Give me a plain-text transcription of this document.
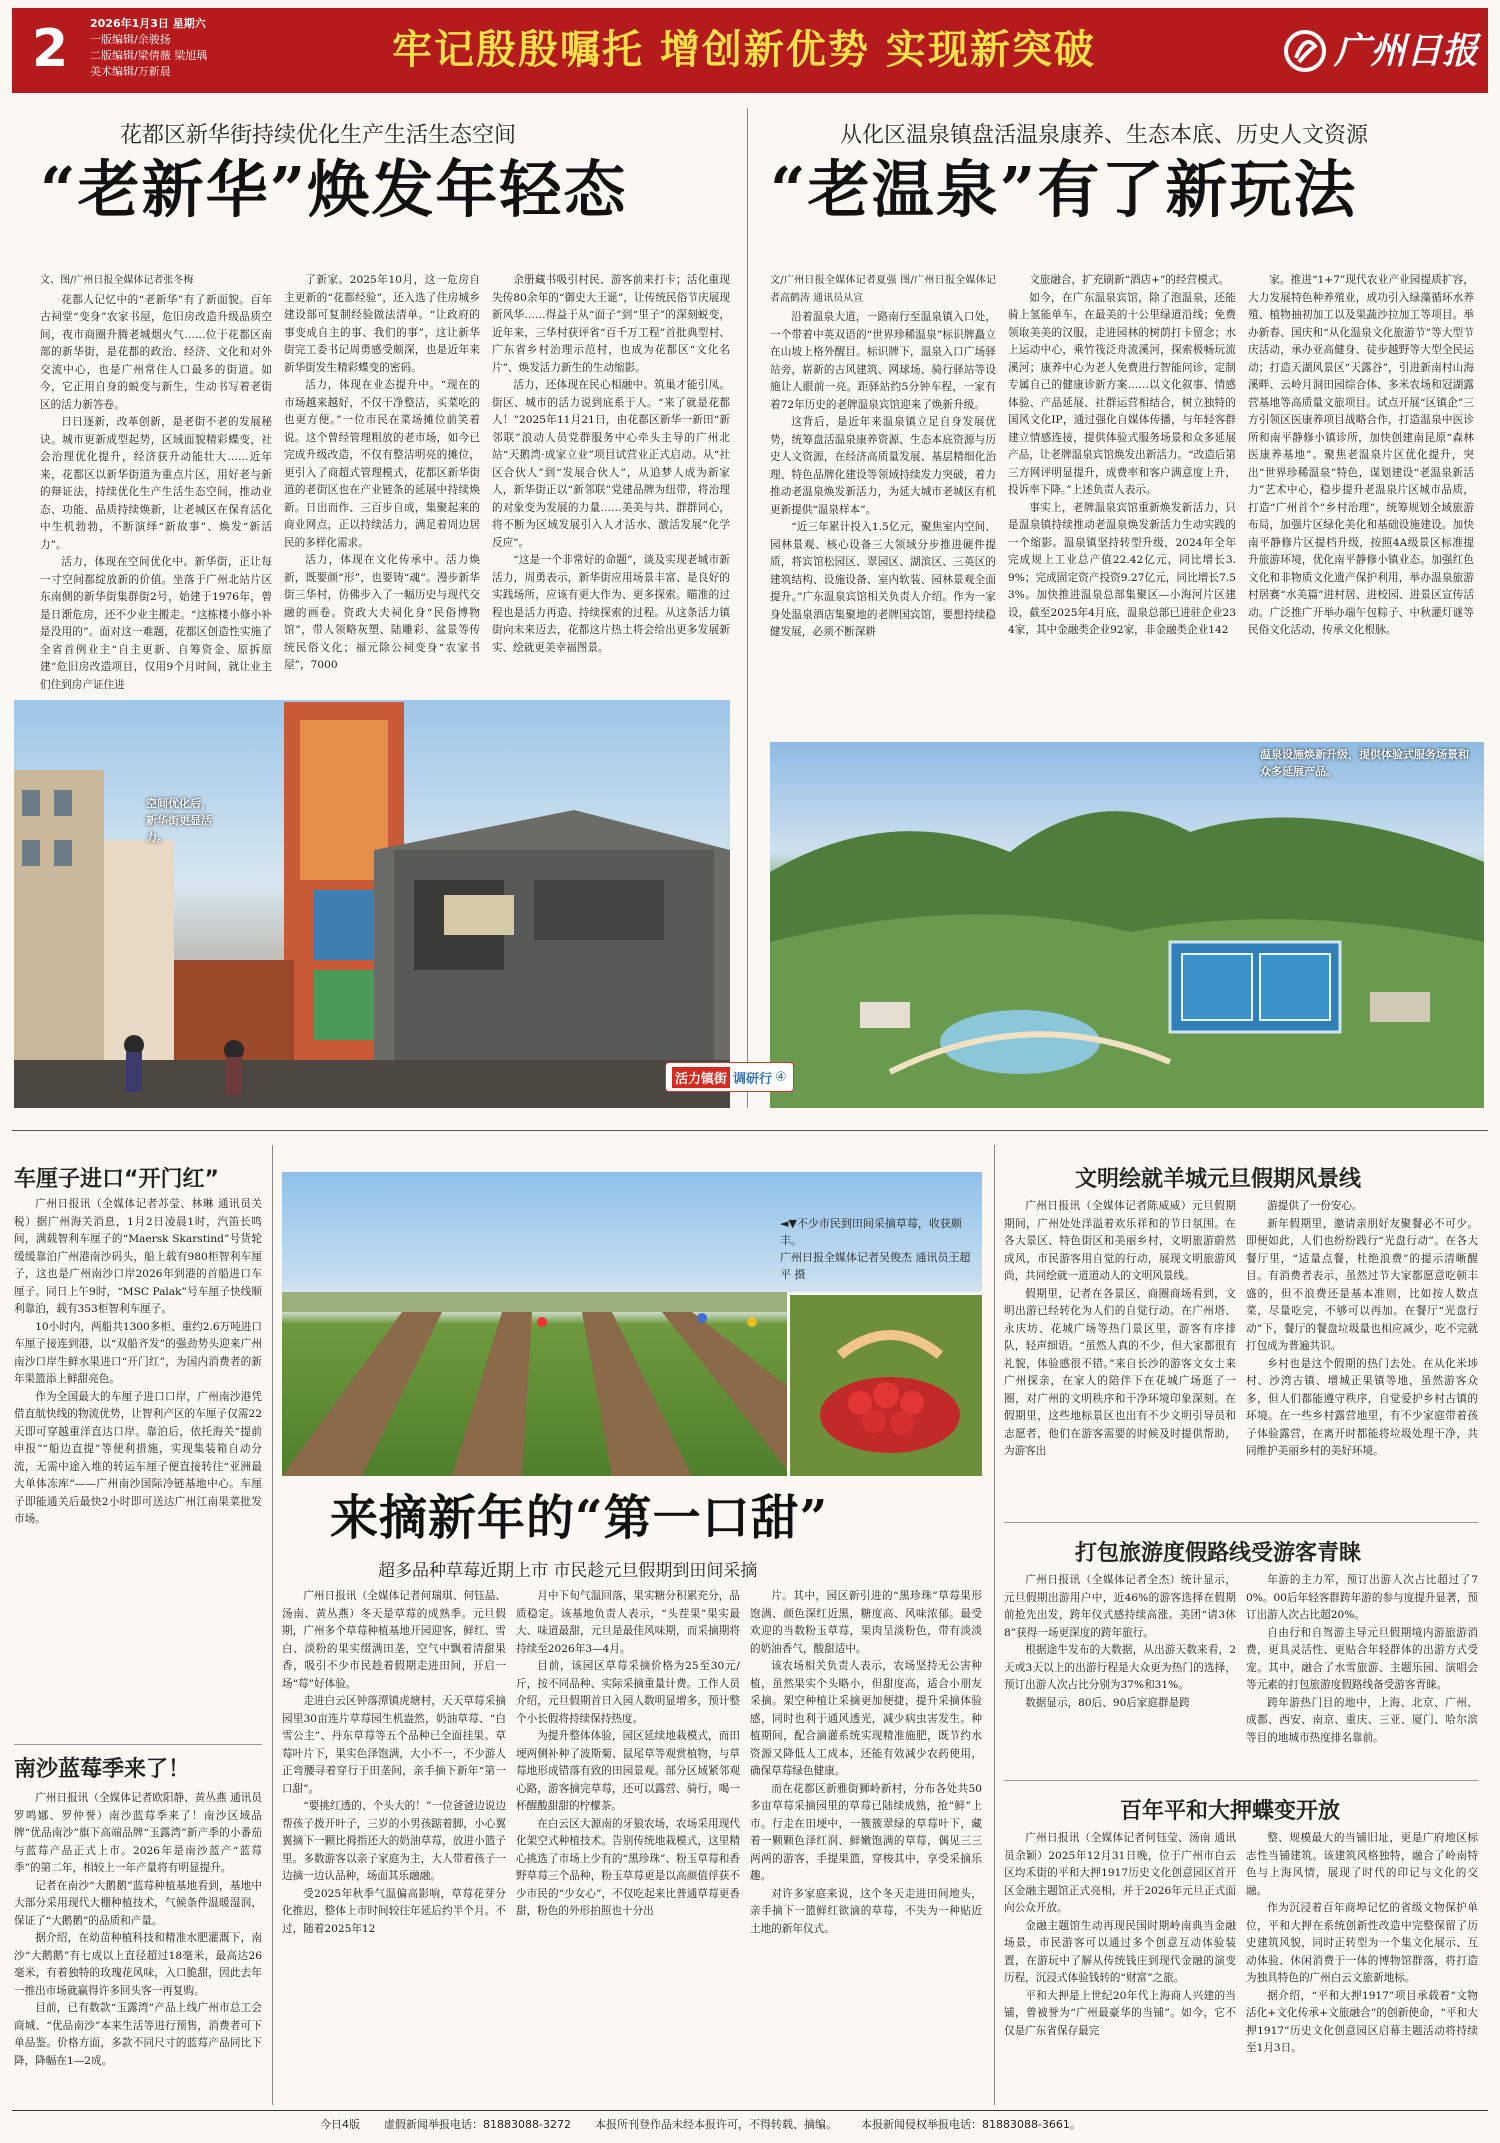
2 2026年1月3日 星期六
一版编辑/余骏扬
二版编辑/梁倩薇 梁旭瑀
美术编辑/万新晨	牢记殷殷嘱托 增创新优势 实现新突破	广州日报
花都区新华街持续优化生产生活生态空间
“老新华”焕发年轻态
文、图/广州日报全媒体记者张冬梅

花都人记忆中的“老新华”有了新面貌。百年古祠堂“变身”农家书屋，危旧房改造升级品质空间，夜市商圈升腾老城烟火气……位于花都区南部的新华街，是花都的政治、经济、文化和对外交流中心，也是广州常住人口最多的街道。如今，它正用自身的蜕变与新生，生动书写着老街区的活力新答卷。

日日逐新，改革创新，是老街不老的发展秘诀。城市更新成型起势，区域面貌精彩蝶变，社会治理优化提升，经济获升动能壮大……近年来，花都区以新华街道为重点片区，用好老与新的辩证法，持续优化生产生活生态空间，推动业态、功能、品质持续焕新，让老城区在保育活化中生机勃勃，不断演绎“新故事”、焕发“新活力”。

活力，体现在空间优化中。新华街，正让每一寸空间都绽放新的价值。坐落于广州北站片区东南侧的新华街集群街2号，始建于1976年，曾是日渐危房，还不少业主搬走。“这栋楼小修小补是没用的”。面对这一难题，花都区创造性实施了全省首例业主“自主更新、自筹资金、原拆原建”危旧房改造项目，仅用9个月时间，就让业主们住到房产证住进

了新家。2025年10月，这一危房自主更新的“花都经验”，还入选了住房城乡建设部可复制经验做法清单。“让政府的事变成自主的事、我们的事”，这让新华街完工委书记周勇感受颇深，也是近年来新华街发生精彩蝶变的密码。

活力，体现在业态提升中。“现在的市场越来越好，不仅干净整洁，买菜吃的也更方便。”一位市民在菜场摊位前笑着说。这个曾经管理粗放的老市场，如今已完成升级改造，不仅有整洁明亮的摊位，更引入了商超式管理模式，花都区新华街道的老街区也在产业链条的延展中持续焕新。日出而作、三百步自成，集聚起来的商业网点，正以持续活力，满足着周边居民的多样化需求。

活力，体现在文化传承中。活力焕新，既要颜“形”，也要铸“魂”。漫步新华街三华村，仿佛步入了一幅历史与现代交融的画卷。资政大夫祠化身“民俗博物馆”，带人领略灰塑、陆雕彩、盆景等传统民俗文化；福元除公祠变身“农家书屋”，7000

余册藏书吸引村民、游客前来打卡；活化重现失传80余年的“御史大王诞”，让传统民俗节庆展现新风华……得益于从“面子”到“里子”的深刻蜕变，近年来，三华村获评省“百千万工程”首批典型村、广东省乡村治理示范村，也成为花都区“文化名片”、焕发活力新生的生动缩影。

活力，还体现在民心相融中。筑巢才能引凤。街区、城市的活力说到底系于人。“来了就是花都人！”2025年11月21日，由花都区新华一新田“新邻联”浪动人员党群服务中心牵头主导的广州北站“天鹅湾·成家立业”项目试营业正式启动。从“社区合伙人”到“发展合伙人”，从追梦人成为新家人，新华街正以“新邻联”党建品牌为纽带，将治理的对象变为发展的力量……美美与共、群群同心，将不断为区域发展引入人才活水、激活发展“化学反应”。

“这是一个非常好的命题”，谈及实现老城市新活力，周勇表示，新华街应用场景丰富、是良好的实践场所，应该有更大作为、更多探索。瞄准的过程也是活力再造、持续探索的过程。从这条活力镇街向未来迈去，花都这片热土将会给出更多发展新实、绘就更美幸福图景。

空间优化后，新华街更显活力。
从化区温泉镇盘活温泉康养、生态本底、历史人文资源
“老温泉”有了新玩法
文/广州日报全媒体记者夏强 图/广州日报全媒体记者高鹤涛 通讯员从宣

沿着温泉大道，一路南行至温泉镇入口处，一个带着中英双语的“世界珍稀温泉”标识牌矗立在山坡上格外醒目。标识牌下，温泉入口广场驿站旁，崭新的古风建筑、网球场、骑行驿站等设施让人眼前一亮。距驿站约5分钟车程，一家有着72年历史的老牌温泉宾馆迎来了焕新升级。

这背后，是近年来温泉镇立足自身发展优势，统筹盘活温泉康养资源、生态本底资源与历史人文资源，在经济高质量发展、基层精细化治理、特色品牌化建设等领域持续发力突破，着力推动老温泉焕发新活力，为延大城市老城区有机更新提供“温泉样本”。

“近三年累计投入1.5亿元，聚焦室内空间、园林景观、核心设备三大领域分步推进硬件提质，将宾馆松园区、翠园区、湖滨区、三英区的建筑结构、设施设备、室内软装、园林景观全面提升。”广东温泉宾馆相关负责人介绍。作为一家身处温泉酒店集聚地的老牌国宾馆，要想持续稳健发展，必须不断深耕

文旅融合，扩充刷新“酒店+”的经营模式。

如今，在广东温泉宾馆，除了泡温泉，还能骑上氢能单车，在最美的十公里绿道沿线；免费领取美美的汉服，走进园林的树荫打卡留念；水上运动中心，乘竹筏泛舟流溪河，探索极畅玩流溪河；康养中心为老人免费进行智能问诊，定制专属自己的健康诊新方案……以文化叙事、情感体验、产品延展、社群运营相结合，树立独特的国风文化IP，通过强化自媒体传播，与年轻客群建立情感连接，提供体验式服务场景和众多延展产品，让老牌温泉宾馆焕发出新活力。“改造后第三方网评明显提升，成费率和客户满意度上升，投诉率下降。”上述负责人表示。

事实上，老牌温泉宾馆重新焕发新活力，只是温泉镇持续推动老温泉焕发新活力生动实践的一个缩影。温泉镇坚持转型升级，2024年全年完成规上工业总产值22.42亿元，同比增长3.9%；完成固定资产投资9.27亿元，同比增长7.53%。加快推进温泉总部集聚区—小海河片区建设，截至2025年4月底，温泉总部已进驻企业234家，其中金融类企业92家，非金融类企业142

家。推进“1+7”现代农业产业园提质扩容，大力发展特色种养殖业，成功引入绿藻循环水养殖、植物抽初加工以及果蔬沙拉加工等项目。举办新春、国庆和“从化温泉文化旅游节”等大型节庆活动，承办亚高健身、徒步越野等大型全民运动；打造天湖风景区“天露谷”，引进新南村山海溪畔、云岭月洞田园综合体、多米农场和冠湖露营基地等高质量文旅项目。试点开展“区镇企”三方引领区医康养项目战略合作，打造温泉中医诊所和南平静修小镇诊所，加快创建南昆原“森林医康养基地”。聚焦老温泉片区优化提升，突出“世界珍稀温泉”特色，谋划建设“老温泉新活力”艺术中心，稳步提升老温泉片区城市品质，打造“广州首个”乡村治理”，统筹规划全域旅游布局，加强片区绿化美化和基础设施建设。加快南平静修片区提档升级，按照4A级景区标准提升旅游环境，优化南平静修小镇业态。加强红色文化和非物质文化遗产保护利用，举办温泉旅游村居赛“水美篇”进村居、进校园、进景区宣传活动。广泛推广开举办端午包粽子、中秋灌灯谜等民俗文化活动，传承文化根脉。

温泉设施焕新升级，提供体验式服务场景和众多延展产品。
活力镇街 调研行 ④
车厘子进口“开门红”

广州日报讯（全媒体记者苏莹、林琳 通讯员关税）据广州海关消息，1月2日凌晨1时，汽笛长鸣间，满载智利车厘子的“Maersk Skarstind”号货轮缓缓靠泊广州港南沙码头，船上载有980柜智利车厘子，这也是广州南沙口岸2026年到港的首船进口车厘子。同日上午9时，“MSC Palak”号车厘子快线顺利靠泊，载有353柜智利车厘子。

10小时内，两船共1300多柜、重约2.6万吨进口车厘子接连到港，以“双船齐发”的强劲势头迎来广州南沙口岸生鲜水果进口“开门红”，为国内消费者的新年果篮添上鲜甜亮色。

作为全国最大的车厘子进口口岸，广州南沙港凭借直航快线的物流优势，让智利产区的车厘子仅需22天即可穿越重洋直达口岸。靠泊后，依托海关“提前申报”“船边直提”等便利措施，实现集装箱自动分流，无需中途入堆的转运车厘子便直接转往“亚洲最大单体冻库”——广州南沙国际冷链基地中心。车厘子即能通关后最快2小时即可送达广州江南果菜批发市场。

南沙蓝莓季来了！

广州日报讯（全媒体记者欧阳静、黄丛燕 通讯员罗鸣娜、罗仲誉）南沙蓝莓季来了！南沙区域品牌“优品南沙”旗下高端品牌“玉露湾”新产季的小番茄与蓝莓产品正式上市。2026年是南沙蓝产“蓝莓季”的第二年，相较上一年产量将有明显提升。

记者在南沙“大鹅鹅”蓝莓种植基地看到，基地中大部分采用现代大棚种植技术，气候条件温暖湿润，保证了“大鹅鹅”的品质和产量。

据介绍，在幼苗种植科技和精准水肥灌溉下，南沙“大鹅鹅”有七成以上直径超过18毫米，最高达26毫米，有着独特的玫瑰花风味，入口脆甜，因此去年一推出市场就赢得许多回头客一再复购。

目前，已有数款“玉露湾”产品上线广州市总工会商城、“优品南沙”本来生活等进行预售，消费者可下单品鉴。价格方面，多款不同尺寸的蓝莓产品同比下降，降幅在1—2成。

◄▼不少市民到田间采摘草莓，收获颇丰。
广州日报全媒体记者吴俊杰 通讯员王超平 摄
来摘新年的“第一口甜”
超多品种草莓近期上市 市民趁元旦假期到田间采摘

广州日报讯（全媒体记者何瑞琪、何钰晶、汤南、黄丛燕）冬天是草莓的成熟季。元旦假期，广州多个草莓种植基地开园迎客，鲜红、雪白、淡粉的果实缀满田垄，空气中飘着清甜果香，吸引不少市民趁着假期走进田间，开启一场“莓”好体验。

走进白云区钟落潭镇虎塘村，天天草莓采摘园里30亩连片草莓园生机盎然，奶油草莓、“白雪公主”、丹东草莓等五个品种已全面挂果。草莓叶片下，果实色泽饱满，大小不一，不少游人正弯腰寻着穿行于田垄间，亲手摘下新年“第一口甜”。

“要挑红透的、个头大的！”一位爸爸边说边帮孩子拨开叶子，三岁的小男孩踮着脚，小心翼翼摘下一颗比拇指还大的奶油草莓，放进小篮子里。多数游客以亲子家庭为主，大人带着孩子一边摘一边认品种，场面其乐融融。

受2025年秋季气温偏高影响，草莓花芽分化推迟，整体上市时间较往年延后约半个月。不过，随着2025年12

月中下旬气温回落，果实糖分积累充分，品质稳定。该基地负责人表示，“头茬果”果实最大、味道最甜，元旦是最佳风味期，而采摘期将持续至2026年3—4月。

目前，该园区草莓采摘价格为25至30元/斤，按不同品种、实际采摘重量计费。工作人员介绍，元旦假期首日入园人数明显增多，预计整个小长假将持续保持热度。

为提升整体体验，园区延续地栽模式，而田埂两侧补种了波斯菊、鼠尾草等观赏植物，与草莓地形成错落有致的田园景观。部分区域紧邻观心路，游客摘完草莓，还可以露营、骑行，喝一杯醒酸甜甜的柠檬茶。

在白云区大源南的牙狼农场，农场采用现代化架空式种植技术。告别传统地栽模式，这里精心挑选了市场上少有的“黑珍珠”、粉玉草莓和香野草莓三个品种，粉玉草莓更是以高颜值俘获不少市民的“少女心”，不仅吃起来比普通草莓更香甜，粉色的外形拍照也十分出

片。其中，园区新引进的“黑珍珠”草莓果形饱满、颜色深红近黑，糖度高、风味浓郁。最受欢迎的当数粉玉草莓，果肉呈淡粉色，带有淡淡的奶油香气，酸甜适中。

该农场相关负责人表示，农场坚持无公害种植，虽然果实个头略小，但甜度高，适合小朋友采摘。架空种植让采摘更加便捷，提升采摘体验感，同时也利于通风透光，减少病虫害发生。种植期间，配合滴灌系统实现精准施肥，既节约水资源又降低人工成本，还能有效减少农药使用，确保草莓绿色健康。

而在花都区新雅街狮岭新村，分布各处共50多亩草莓采摘园里的草莓已陆续成熟，抢“鲜”上市。行走在田埂中，一簇簇翠绿的草莓叶下，藏着一颗颗色泽红润、鲜嫩饱满的草莓，偶见三三两两的游客，手提果篮，穿梭其中，享受采摘乐趣。

对许多家庭来说，这个冬天走进田间地头，亲手摘下一篮鲜红欲滴的草莓，不失为一种贴近土地的新年仪式。

文明绘就羊城元旦假期风景线

广州日报讯（全媒体记者陈威威）元旦假期期间，广州处处洋溢着欢乐祥和的节日氛围。在各大景区、特色街区和美丽乡村，文明旅游蔚然成风，市民游客用自觉的行动，展现文明旅游风尚，共同绘就一道道动人的文明风景线。

假期里，记者在各景区、商圈商场看到，文明出游已经转化为人们的自觉行动。在广州塔、永庆坊、花城广场等热门景区里，游客有序排队，轻声细语。“虽然人真的不少，但大家都很有礼貌，体验感很不错。”来自长沙的游客文女士来广州探亲，在家人的陪伴下在花城广场逛了一圈，对广州的文明秩序和干净环境印象深刻。在假期里，这些地标景区也出有不少文明引导员和志愿者，他们在游客需要的时候及时提供帮助，为游客出

游提供了一份安心。

新年假期里，邀请亲朋好友聚餐必不可少。即便如此，人们也纷纷践行“光盘行动”。在各大餐厅里，“适量点餐，杜绝浪费”的提示清晰醒目。有消费者表示，虽然过节大家都愿意吃顿丰盛的，但不浪费还是基本准则，比如按人数点菜，尽量吃完，不够可以再加。在餐厅“光盘行动”下，餐厅的餐盘垃圾量也相应减少，吃不完就打包成为普遍共识。

乡村也是这个假期的热门去处。在从化米埗村、沙湾古镇、增城正果镇等地，虽然游客众多，但人们都能遵守秩序，自觉爱护乡村古镇的环境。在一些乡村露营地里，有不少家庭带着孩子体验露营，在离开时都能将垃圾处理干净，共同维护美丽乡村的美好环境。

打包旅游度假路线受游客青睐

广州日报讯（全媒体记者全杰）统计显示，元旦假期出游用户中，近46%的游客选择在假期前抢先出发，跨年仪式感持续高涨。美团“请3休8”获得一场更深度的跨年旅行。

根据途牛发布的大数据，从出游天数来看，2天或3天以上的出游行程是大众更为热门的选择，预订出游人次占比分别为37%和31%。

数据显示，80后、90后家庭群是跨

年游的主力军，预订出游人次占比超过了70%。00后年轻客群跨年游的参与度提升显著，预订出游人次占比超20%。

自由行和自驾游主导元旦假期境内游旅游消费，更具灵活性、更贴合年轻群体的出游方式受宠。其中，融合了水雪旅游、主题乐园、演唱会等元素的打包旅游度假路线备受游客青睐。

跨年游热门目的地中，上海、北京、广州、成都、西安、南京、重庆、三亚、厦门、哈尔滨等目的地城市热度排名靠前。

百年平和大押蝶变开放

广州日报讯（全媒体记者何钰莹、汤南 通讯员余颖）2025年12月31日晚，位于广州市白云区均禾街的平和大押1917历史文化创意园区首开区金融主题馆正式亮相，并于2026年元旦正式面向公众开放。

金融主题馆生动再现民国时期岭南典当金融场景，市民游客可以通过多个创意互动体验装置，在游玩中了解从传统钱庄到现代金融的演变历程，沉浸式体验钱转的“财富”之旅。

平和大押是上世纪20年代上海商人兴建的当铺，曾被誉为“广州最豪华的当铺”。如今，它不仅是广东省保存最完

整、规模最大的当铺旧址，更是广府地区标志性当铺建筑。该建筑风格独特，融合了岭南特色与上海风情，展现了时代的印记与文化的交融。

作为沉浸着百年商埠记忆的省级文物保护单位，平和大押在系统创新性改造中完整保留了历史建筑风貌，同时正转型为一个集文化展示、互动体验、休闲消费于一体的博物馆群落，将打造为独具特色的广州白云文旅新地标。

据介绍，“平和大押1917”项目承载着“文物活化+文化传承+文旅融合”的创新使命，“平和大押1917”历史文化创意园区启幕主题活动将持续至1月3日。

今日4版 虚假新闻举报电话：81883088-3272 本报所刊登作品未经本报许可，不得转载、摘编。 本报新闻侵权举报电话：81883088-3661。
